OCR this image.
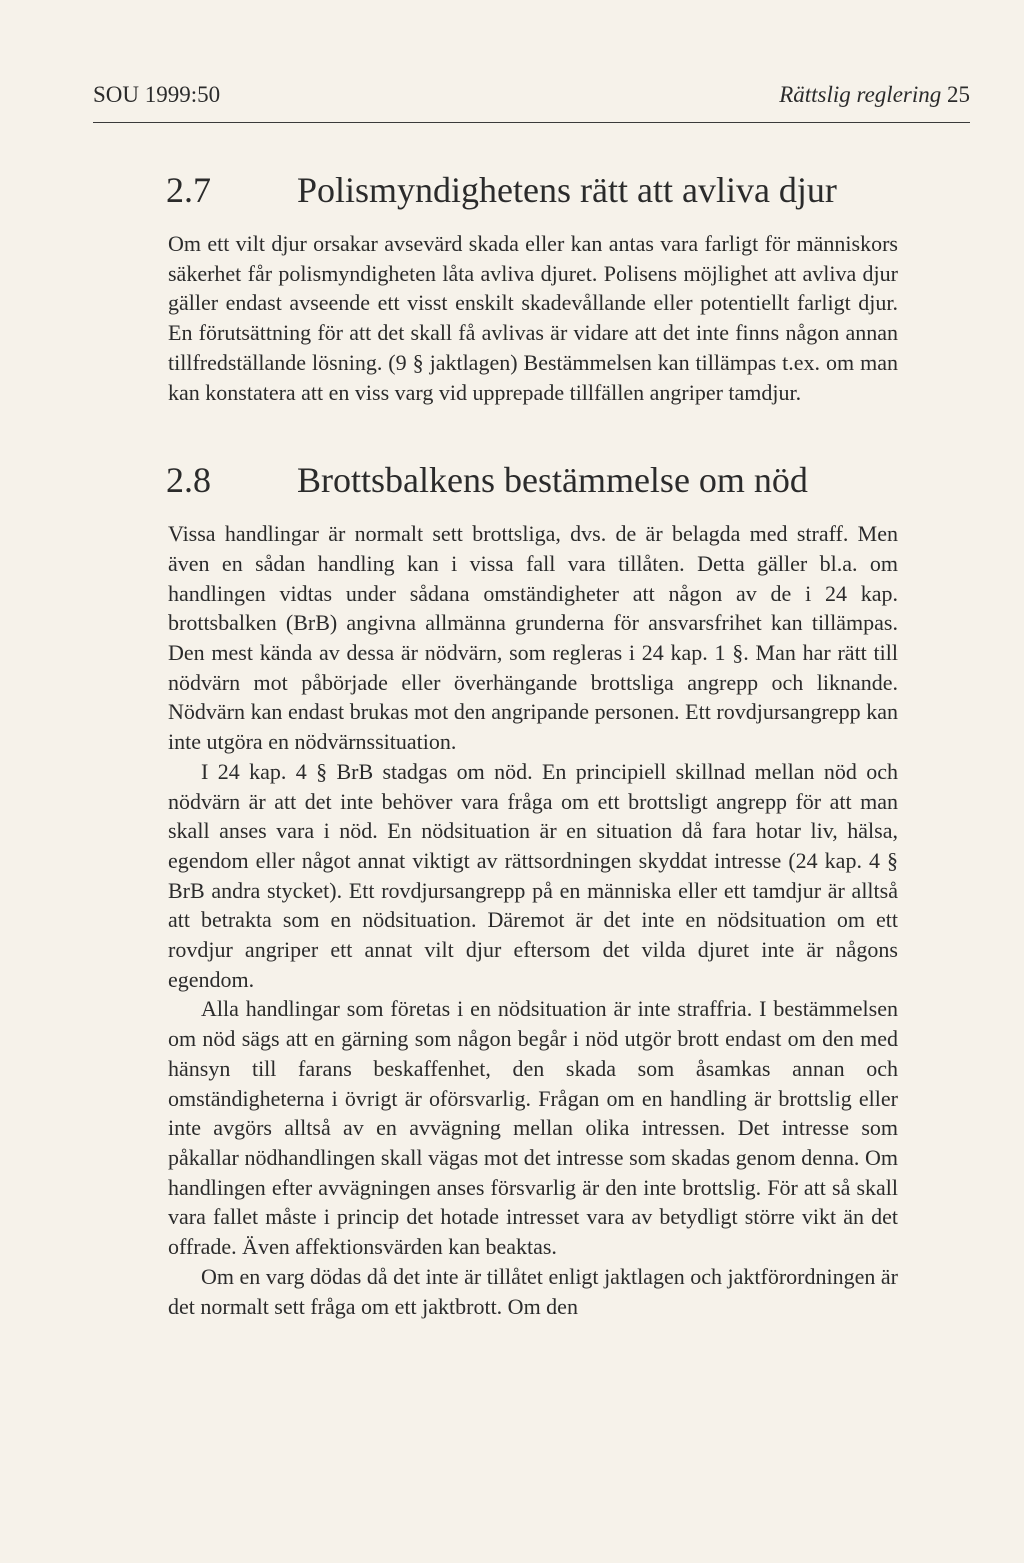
SOU 1999:50	Rättslig reglering 25
2.7 Polismyndighetens rätt att avliva djur

Om ett vilt djur orsakar avsevärd skada eller kan antas vara farligt för människors säkerhet får polismyndigheten låta avliva djuret. Polisens möjlighet att avliva djur gäller endast avseende ett visst enskilt skadevållande eller potentiellt farligt djur. En förutsättning för att det skall få avlivas är vidare att det inte finns någon annan tillfredställande lösning. (9 § jaktlagen) Bestämmelsen kan tillämpas t.ex. om man kan konstatera att en viss varg vid upprepade tillfällen angriper tamdjur.

2.8 Brottsbalkens bestämmelse om nöd

Vissa handlingar är normalt sett brottsliga, dvs. de är belagda med straff. Men även en sådan handling kan i vissa fall vara tillåten. Detta gäller bl.a. om handlingen vidtas under sådana omständigheter att någon av de i 24 kap. brottsbalken (BrB) angivna allmänna grunderna för ansvarsfrihet kan tillämpas. Den mest kända av dessa är nödvärn, som regleras i 24 kap. 1 §. Man har rätt till nödvärn mot påbörjade eller överhängande brottsliga angrepp och liknande. Nödvärn kan endast brukas mot den angripande personen. Ett rovdjursangrepp kan inte utgöra en nödvärnssituation.

I 24 kap. 4 § BrB stadgas om nöd. En principiell skillnad mellan nöd och nödvärn är att det inte behöver vara fråga om ett brottsligt angrepp för att man skall anses vara i nöd. En nödsituation är en situation då fara hotar liv, hälsa, egendom eller något annat viktigt av rättsordningen skyddat intresse (24 kap. 4 § BrB andra stycket). Ett rovdjursangrepp på en människa eller ett tamdjur är alltså att betrakta som en nödsituation. Däremot är det inte en nödsituation om ett rovdjur angriper ett annat vilt djur eftersom det vilda djuret inte är någons egendom.

Alla handlingar som företas i en nödsituation är inte straffria. I bestämmelsen om nöd sägs att en gärning som någon begår i nöd utgör brott endast om den med hänsyn till farans beskaffenhet, den skada som åsamkas annan och omständigheterna i övrigt är oförsvarlig. Frågan om en handling är brottslig eller inte avgörs alltså av en avvägning mellan olika intressen. Det intresse som påkallar nödhandlingen skall vägas mot det intresse som skadas genom denna. Om handlingen efter avvägningen anses försvarlig är den inte brottslig. För att så skall vara fallet måste i princip det hotade intresset vara av betydligt större vikt än det offrade. Även affektionsvärden kan beaktas.

Om en varg dödas då det inte är tillåtet enligt jaktlagen och jaktförordningen är det normalt sett fråga om ett jaktbrott. Om den
